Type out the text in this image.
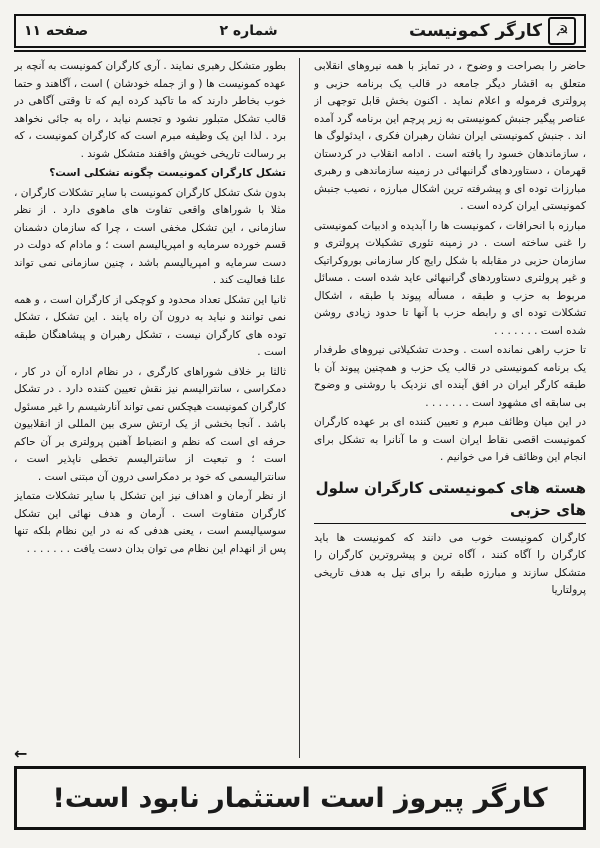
☭
کارگر کمونیست
شماره ۲
صفحه ۱۱

حاضر را بصراحت و وضوح ، در تمایز با همه نیروهای انقلابی متعلق به اقشار دیگر جامعه در قالب یک برنامه حزبی و پرولتری فرموله و اعلام نماید . اکنون بخش قابل توجهی از عناصر پیگیر جنبش کمونیستی به زیر پرچم این برنامه گرد آمده اند . جنبش کمونیستی ایران نشان رهبران فکری ، ایدئولوگ ها ، سازماندهان خسود را یافته است . ادامه انقلاب در کردستان قهرمان ، دستاوردهای گرانبهائی در زمینه سازماندهی و رهبری مبارزات توده ای و پیشرفته ترین اشکال مبارزه ، نصیب جنبش کمونیستی ایران کرده است .

مبارزه با انحرافات ، کمونیست ها را آبدیده و ادبیات کمونیستی را غنی ساخته است . در زمینه تئوری تشکیلات پرولتری و سازمان حزبی در مقابله با شکل رایج کار سازمانی بوروکراتیک و غیر پرولتری دستاوردهای گرانبهائی عاید شده است . مسائل مربوط به حزب و طبقه ، مسأله پیوند با طبقه ، اشکال تشکلات توده ای و رابطه حزب با آنها تا حدود زیادی روشن شده است . . . . . . .

تا حزب راهی نمانده است . وحدت تشکیلاتی نیروهای طرفدار یک برنامه کمونیستی در قالب یک حزب و همچنین پیوند آن با طبقه کارگر ایران در افق آینده ای نزدیک با روشنی و وضوح بی سابقه ای مشهود است . . . . . . .

در این میان وظائف مبرم و تعیین کننده ای بر عهده کارگران کمونیست اقصی نقاط ایران است و ما آنانرا به تشکل برای انجام این وظائف فرا می خوانیم .

هسته های کمونیستی کارگران سلول های حزبی

کارگران کمونیست خوب می دانند که کمونیست ها باید کارگران را آگاه کنند ، آگاه ترین و پیشروترین کارگران را متشکل سازند و مبارزه طبقه را برای نیل به هدف تاریخی پرولتاریا

بطور متشکل رهبری نمایند . آری کارگران کمونیست به آنچه بر عهده کمونیست ها ( و از جمله خودشان ) است ، آگاهند و حتما خوب بخاطر دارند که ما تاکید کرده ایم که تا وقتی آگاهی در قالب تشکل متبلور نشود و تجسم نیابد ، راه به جائی نخواهد برد . لذا این یک وظیفه مبرم است که کارگران کمونیست ، که بر رسالت تاریخی خویش واقفند متشکل شوند .

تشکل کارگران کمونیست چگونه تشکلی است؟

بدون شک تشکل کارگران کمونیست با سایر تشکلات کارگران ، مثلا با شوراهای واقعی تفاوت های ماهوی دارد . از نظر سازمانی ، این تشکل مخفی است ، چرا که سازمان دشمنان قسم خورده سرمایه و امپریالیسم است ؛ و مادام که دولت در دست سرمایه و امپریالیسم باشد ، چنین سازمانی نمی تواند علنا فعالیت کند .

ثانیا این تشکل تعداد محدود و کوچکی از کارگران است ، و همه نمی توانند و نباید به درون آن راه یابند . این تشکل ، تشکل توده های کارگران نیست ، تشکل رهبران و پیشاهنگان طبقه است .

ثالثا بر خلاف شوراهای کارگری ، در نظام اداره آن در کار ، دمکراسی ، سانترالیسم نیز نقش تعیین کننده دارد . در تشکل کارگران کمونیست هیچکس نمی تواند آنارشیسم را غیر مسئول باشد . آنجا بخشی از یک ارتش سری بین المللی از انقلابیون حرفه ای است که نظم و انضباط آهنین پرولتری بر آن حاکم است ؛ و تبعیت از سانترالیسم تخطی ناپذیر است ، سانترالیسمی که خود بر دمکراسی درون آن مبتنی است .

از نظر آرمان و اهداف نیز این تشکل با سایر تشکلات متمایز کارگران متفاوت است . آرمان و هدف نهائی این تشکل سوسیالیسم است ، یعنی هدفی که نه در این نظام بلکه تنها پس از انهدام این نظام می توان بدان دست یافت . . . . . . .

←
کارگر پیروز است استثمار نابود است!
